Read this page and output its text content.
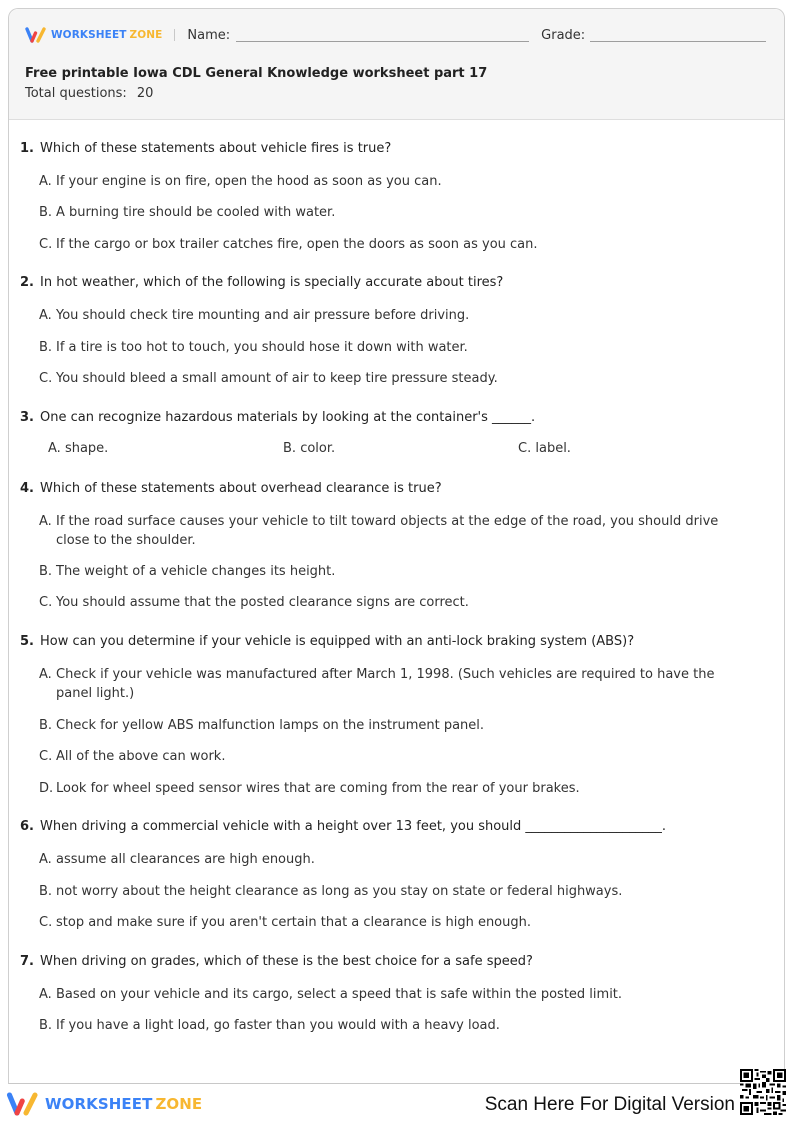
WORKSHEET ZONE Name:	Grade:
Free printable Iowa CDL General Knowledge worksheet part 17
Total questions: 20
1. Which of these statements about vehicle fires is true?
A. If your engine is on fire, open the hood as soon as you can.
B. A burning tire should be cooled with water.
C. If the cargo or box trailer catches fire, open the doors as soon as you can.
2. In hot weather, which of the following is specially accurate about tires?
A. You should check tire mounting and air pressure before driving.
B. If a tire is too hot to touch, you should hose it down with water.
C. You should bleed a small amount of air to keep tire pressure steady.
3. One can recognize hazardous materials by looking at the container's ______.
A. shape.	B. color.	C. label.
4. Which of these statements about overhead clearance is true?
A. If the road surface causes your vehicle to tilt toward objects at the edge of the road, you should drive close to the shoulder.
B. The weight of a vehicle changes its height.
C. You should assume that the posted clearance signs are correct.
5. How can you determine if your vehicle is equipped with an anti-lock braking system (ABS)?
A. Check if your vehicle was manufactured after March 1, 1998. (Such vehicles are required to have the panel light.)
B. Check for yellow ABS malfunction lamps on the instrument panel.
C. All of the above can work.
D. Look for wheel speed sensor wires that are coming from the rear of your brakes.
6. When driving a commercial vehicle with a height over 13 feet, you should _____________________.
A. assume all clearances are high enough.
B. not worry about the height clearance as long as you stay on state or federal highways.
C. stop and make sure if you aren't certain that a clearance is high enough.
7. When driving on grades, which of these is the best choice for a safe speed?
A. Based on your vehicle and its cargo, select a speed that is safe within the posted limit.
B. If you have a light load, go faster than you would with a heavy load.
WORKSHEET ZONE	Scan Here For Digital Version
